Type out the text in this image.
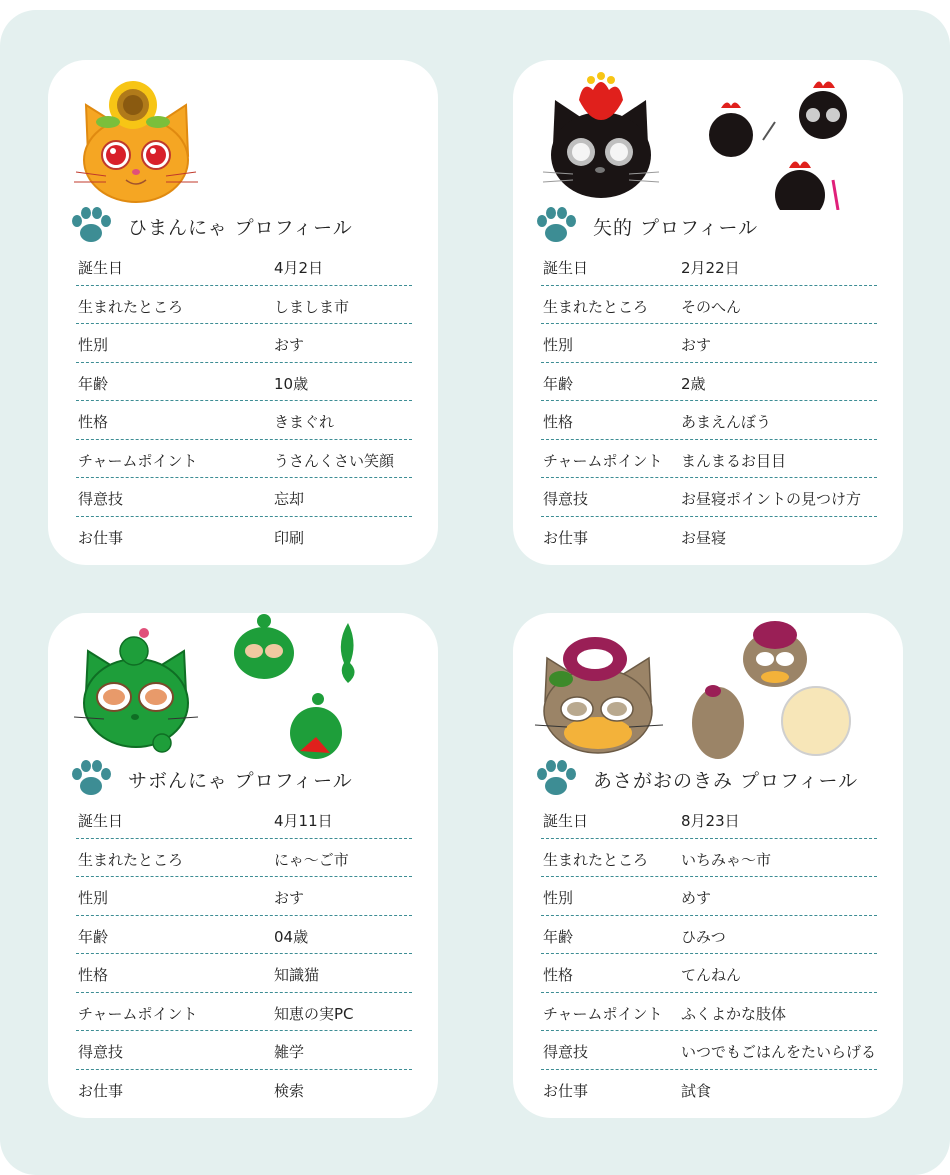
ひまんにゃ プロフィール
誕生日	4月2日
生まれたところ	しましま市
性別	おす
年齢	10歳
性格	きまぐれ
チャームポイント	うさんくさい笑顔
得意技	忘却
お仕事	印刷
矢的 プロフィール
誕生日	2月22日
生まれたところ そのへん
性別	おす
年齢	2歳
性格	あまえんぼう
チャームポイント まんまるお目目
得意技	お昼寝ポイントの見つけ方
お仕事	お昼寝
サボんにゃ プロフィール
誕生日	4月11日
生まれたところ	にゃ〜ご市
性別	おす
年齢	04歳
性格	知識猫
チャームポイント	知恵の実PC
得意技	雑学
お仕事	検索
あさがおのきみ プロフィール
誕生日	8月23日
生まれたところ いちみゃ〜市
性別	めす
年齢	ひみつ
性格	てんねん
チャームポイント ふくよかな肢体
得意技	いつでもごはんをたいらげる
お仕事	試食
